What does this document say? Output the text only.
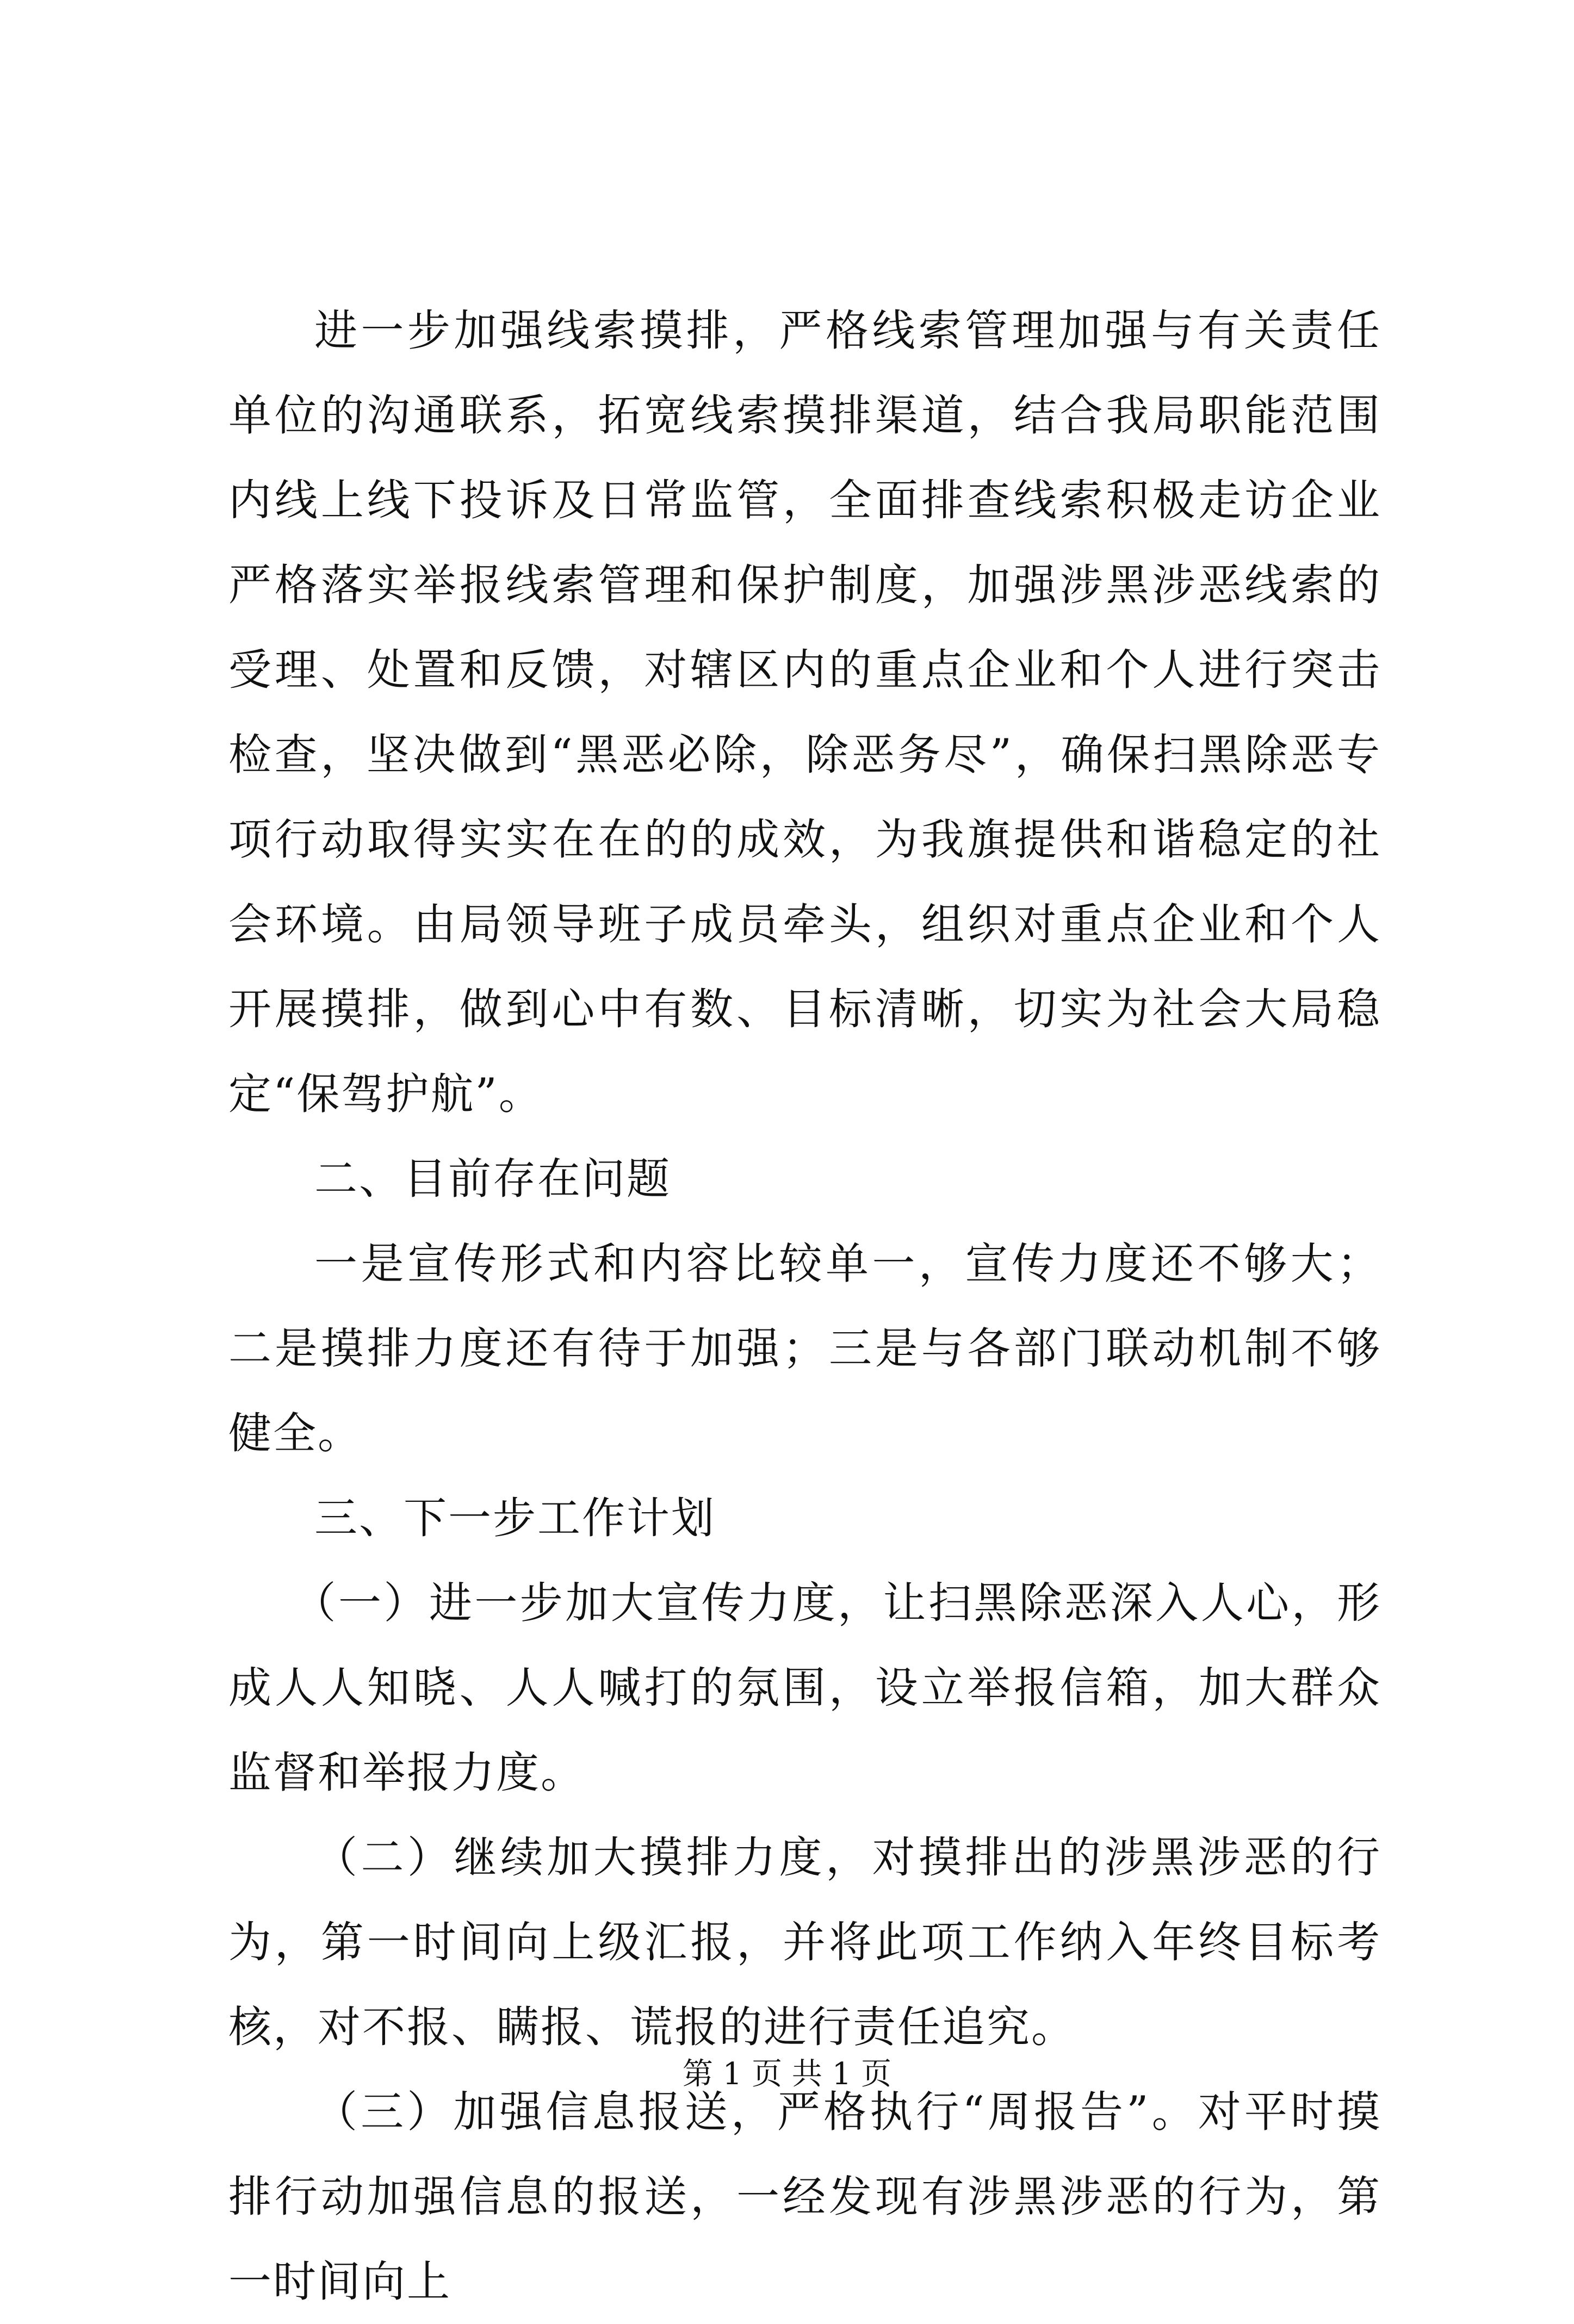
进一步加强线索摸排，严格线索管理加强与有关责任单位的沟通联系，拓宽线索摸排渠道，结合我局职能范围内线上线下投诉及日常监管，全面排查线索积极走访企业严格落实举报线索管理和保护制度，加强涉黑涉恶线索的受理、处置和反馈，对辖区内的重点企业和个人进行突击检查，坚决做到“黑恶必除，除恶务尽”，确保扫黑除恶专项行动取得实实在在的的成效，为我旗提供和谐稳定的社会环境。由局领导班子成员牵头，组织对重点企业和个人开展摸排，做到心中有数、目标清晰，切实为社会大局稳定“保驾护航”。

二、目前存在问题

一是宣传形式和内容比较单一，宣传力度还不够大；二是摸排力度还有待于加强；三是与各部门联动机制不够健全。

三、下一步工作计划

（一）进一步加大宣传力度，让扫黑除恶深入人心，形成人人知晓、人人喊打的氛围，设立举报信箱，加大群众监督和举报力度。

（二）继续加大摸排力度，对摸排出的涉黑涉恶的行为，第一时间向上级汇报，并将此项工作纳入年终目标考核，对不报、瞒报、谎报的进行责任追究。

（三）加强信息报送，严格执行“周报告”。对平时摸排行动加强信息的报送，一经发现有涉黑涉恶的行为，第一时间向上

第 1 页 共 1 页
